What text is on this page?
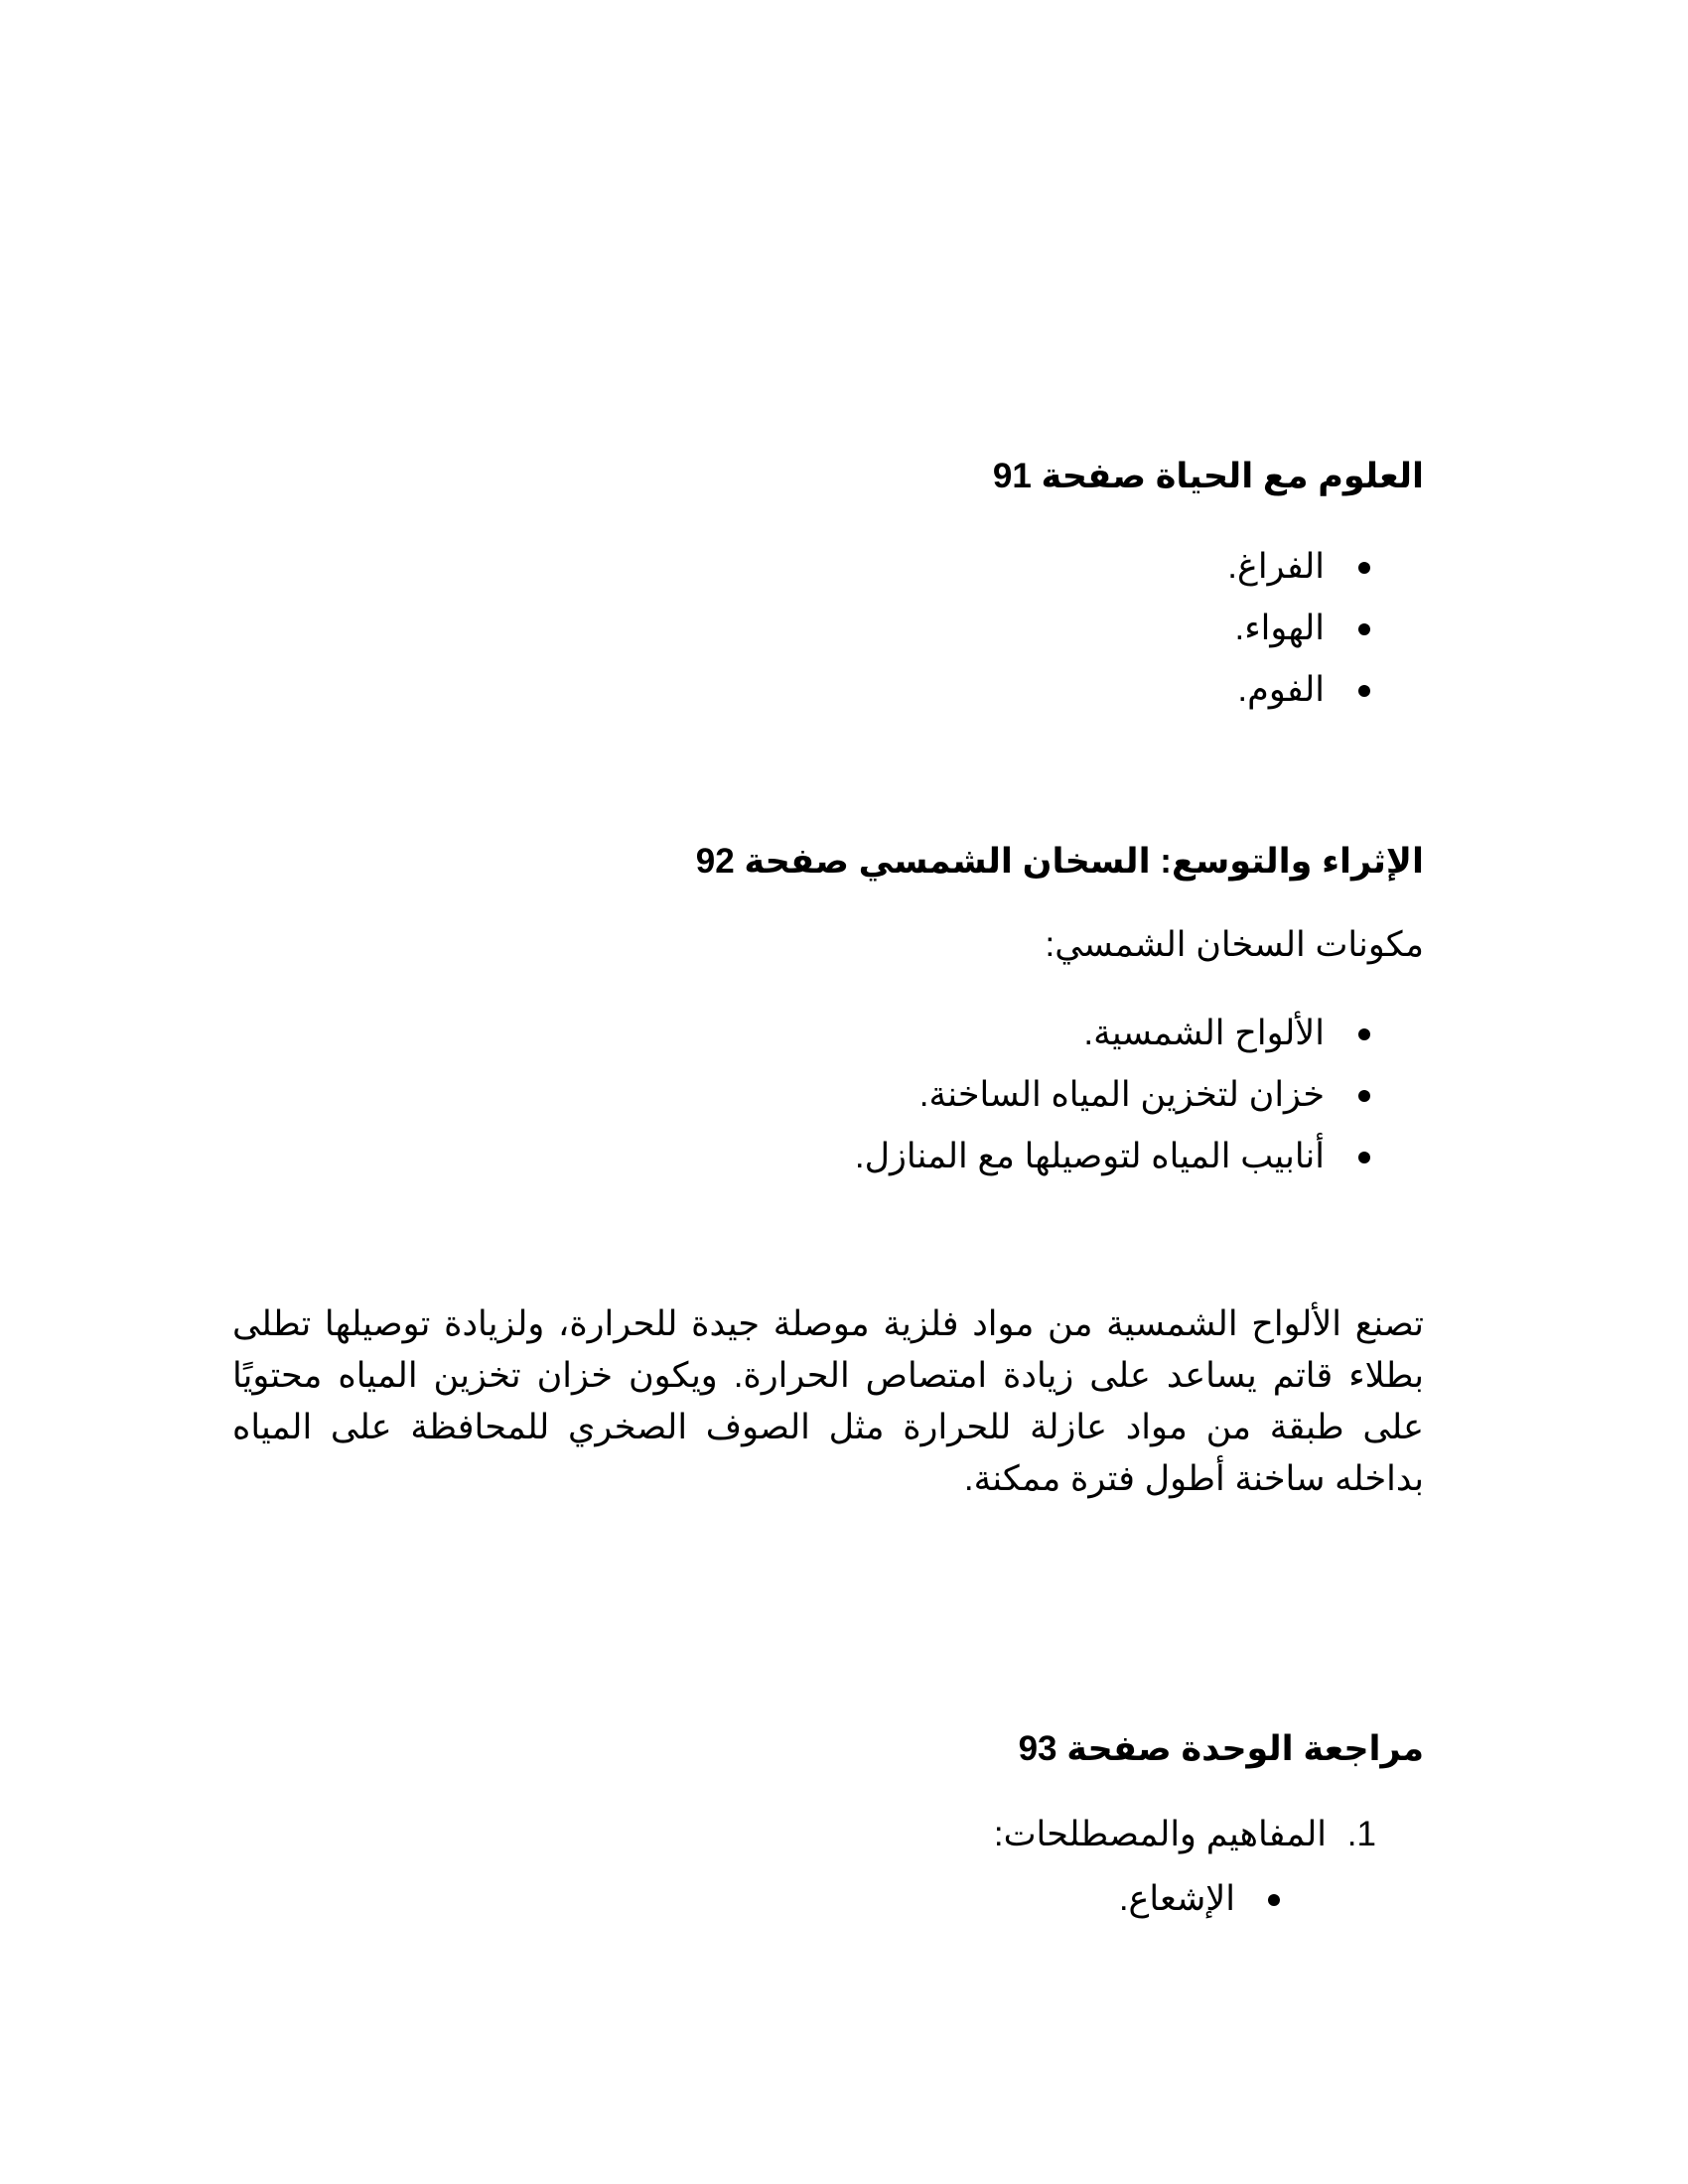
العلوم مع الحياة صفحة 91
الفراغ.
الهواء.
الفوم.
الإثراء والتوسع: السخان الشمسي صفحة 92

مكونات السخان الشمسي:

الألواح الشمسية.
خزان لتخزين المياه الساخنة.
أنابيب المياه لتوصيلها مع المنازل.

تصنع الألواح الشمسية من مواد فلزية موصلة جيدة للحرارة، ولزيادة توصيلها تطلى بطلاء قاتم يساعد على زيادة امتصاص الحرارة. ويكون خزان تخزين المياه محتويًا على طبقة من مواد عازلة للحرارة مثل الصوف الصخري للمحافظة على المياه بداخله ساخنة أطول فترة ممكنة.

مراجعة الوحدة صفحة 93
1.
المفاهيم والمصطلحات:
الإشعاع.
